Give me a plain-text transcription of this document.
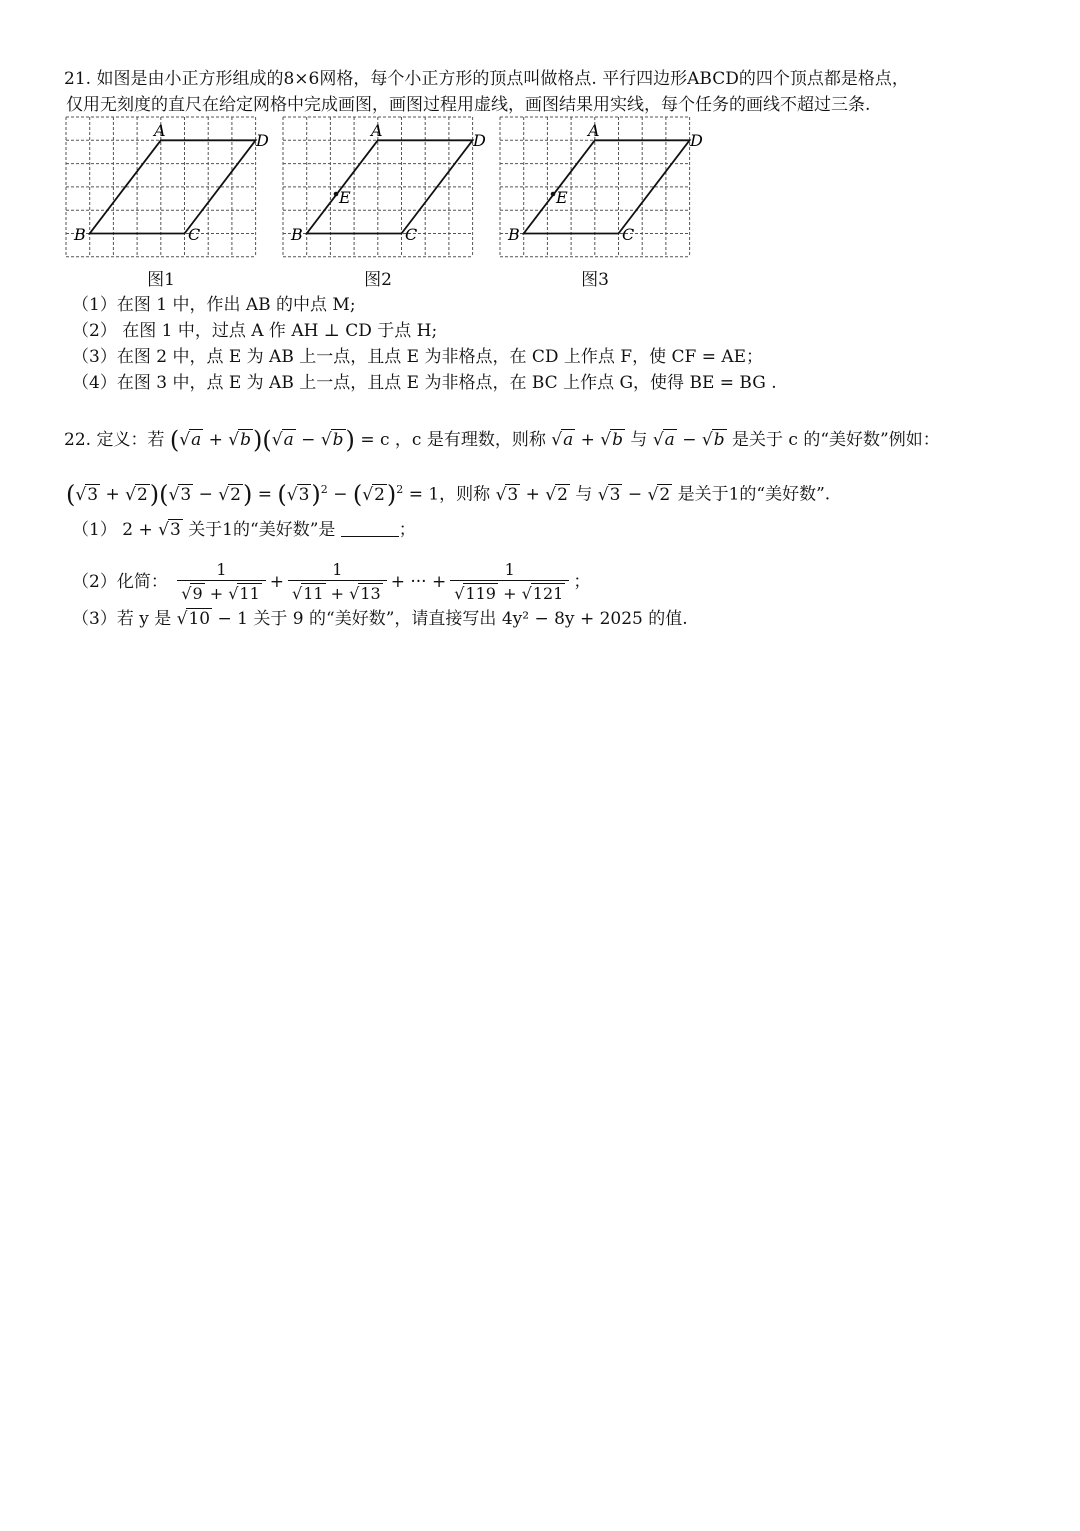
21. 如图是由小正方形组成的8×6网格，每个小正方形的顶点叫做格点. 平行四边形ABCD的四个顶点都是格点，
仅用无刻度的直尺在给定网格中完成画图，画图过程用虚线，画图结果用实线，每个任务的画线不超过三条.
A
D
B	C
图1
A
D
B	C
E
图2
A
D
B	C
E
图3
（1）在图 1 中，作出 AB 的中点 M;
（2） 在图 1 中，过点 A 作 AH ⊥ CD 于点 H;
（3）在图 2 中，点 E 为 AB 上一点，且点 E 为非格点，在 CD 上作点 F，使 CF = AE；
（4）在图 3 中，点 E 为 AB 上一点，且点 E 为非格点，在 BC 上作点 G，使得 BE = BG .
22. 定义：若 ( √ a + √ b)( √ a − √ b) = c ，c 是有理数，则称 √ a + √ b 与 √ a − √ b 是关于 c 的“美好数”例如：
( √ 3 + √ 2)( √ 3 − √ 2) = ( √ 3)$^2$ − ( √ 2)$^2$ = 1，则称 √ 3 + √ 2 与 √ 3 − √ 2 是关于1的“美好数”.
（1） 2 + √ 3 关于1的“美好数”是	；
（2）化简： 1
√ 9 + √ 11 + 1
√ 11 + √ 13 + ··· + 1
√ 119 + √ 121 ；
（3）若 y 是 √ 10 − 1 关于 9 的“美好数”，请直接写出 4y² − 8y + 2025 的值.
